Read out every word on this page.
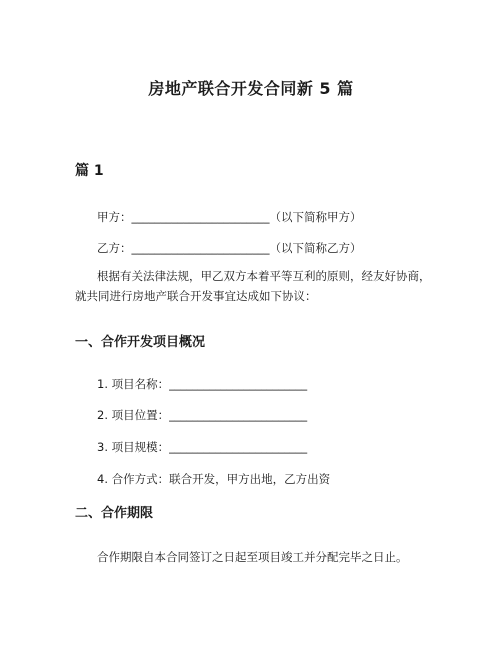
房地产联合开发合同新 5 篇
篇 1

甲方：________________________（以下简称甲方）

乙方：________________________（以下简称乙方）

根据有关法律法规，甲乙双方本着平等互利的原则，经友好协商，就共同进行房地产联合开发事宜达成如下协议：

一、合作开发项目概况

1. 项目名称：________________________

2. 项目位置：________________________

3. 项目规模：________________________

4. 合作方式：联合开发，甲方出地，乙方出资

二、合作期限

合作期限自本合同签订之日起至项目竣工并分配完毕之日止。
